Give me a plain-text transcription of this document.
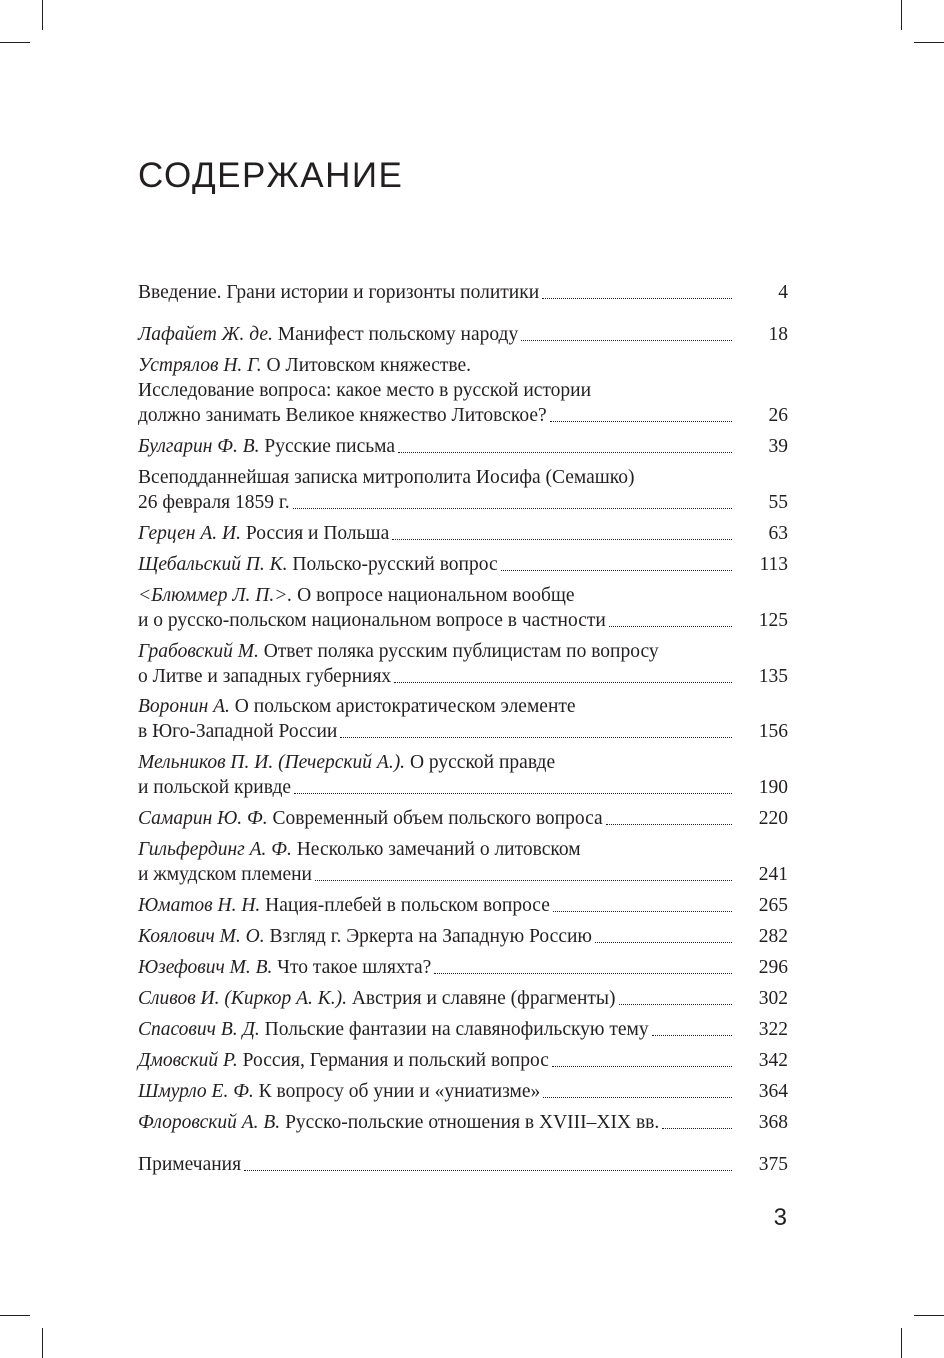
СОДЕРЖАНИЕ
Введение. Грани истории и горизонты политики	4
Лафайет Ж. де. Манифест польскому народу	18
Устрялов Н. Г. О Литовском княжестве.
Исследование вопроса: какое место в русской истории
должно занимать Великое княжество Литовское?	26
Булгарин Ф. В. Русские письма	39
Всеподданнейшая записка митрополита Иосифа (Семашко)
26 февраля 1859 г.	55
Герцен А. И. Россия и Польша	63
Щебальский П. К. Польско-русский вопрос	113
<Блюммер Л. П.>. О вопросе национальном вообще
и о русско-польском национальном вопросе в частности	125
Грабовский М. Ответ поляка русским публицистам по вопросу
о Литве и западных губерниях	135
Воронин А. О польском аристократическом элементе
в Юго-Западной России	156
Мельников П. И. (Печерский А.). О русской правде
и польской кривде	190
Самарин Ю. Ф. Современный объем польского вопроса	220
Гильфердинг А. Ф. Несколько замечаний о литовском
и жмудском племени	241
Юматов Н. Н. Нация-плебей в польском вопросе	265
Коялович М. О. Взгляд г. Эркерта на Западную Россию	282
Юзефович М. В. Что такое шляхта?	296
Сливов И. (Киркор А. К.). Австрия и славяне (фрагменты)	302
Спасович В. Д. Польские фантазии на славянофильскую тему	322
Дмовский Р. Россия, Германия и польский вопрос	342
Шмурло Е. Ф. К вопросу об унии и «униатизме»	364
Флоровский А. В. Русско-польские отношения в XVIII–XIX вв.	368
Примечания	375
3
